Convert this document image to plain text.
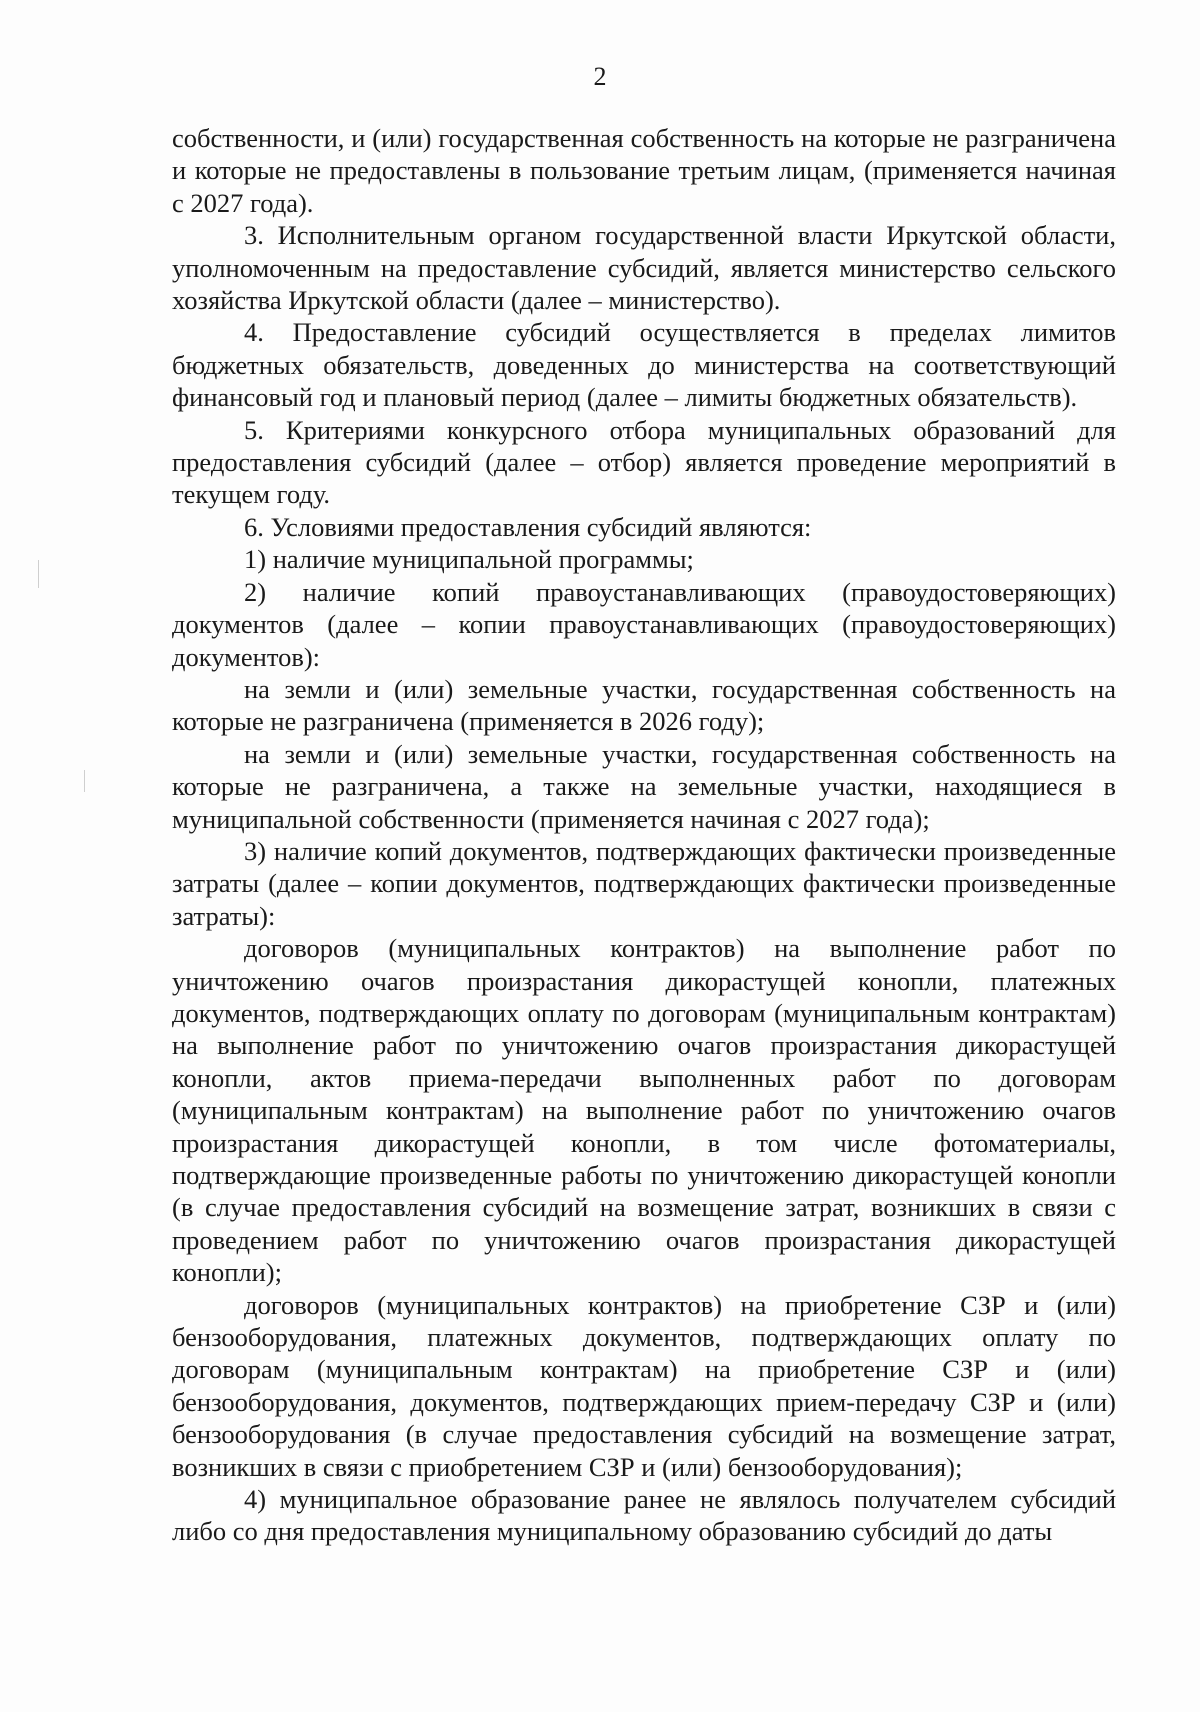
2

собственности, и (или) государственная собственность на которые не разграничена и которые не предоставлены в пользование третьим лицам, (применяется начиная с 2027 года).

3. Исполнительным органом государственной власти Иркутской области, уполномоченным на предоставление субсидий, является министерство сельского хозяйства Иркутской области (далее – министерство).

4. Предоставление субсидий осуществляется в пределах лимитов бюджетных обязательств, доведенных до министерства на соответствующий финансовый год и плановый период (далее – лимиты бюджетных обязательств).

5. Критериями конкурсного отбора муниципальных образований для предоставления субсидий (далее – отбор) является проведение мероприятий в текущем году.

6. Условиями предоставления субсидий являются:

1) наличие муниципальной программы;

2) наличие копий правоустанавливающих (правоудостоверяющих) документов (далее – копии правоустанавливающих (правоудостоверяющих) документов):

на земли и (или) земельные участки, государственная собственность на которые не разграничена (применяется в 2026 году);

на земли и (или) земельные участки, государственная собственность на которые не разграничена, а также на земельные участки, находящиеся в муниципальной собственности (применяется начиная с 2027 года);

3) наличие копий документов, подтверждающих фактически произведенные затраты (далее – копии документов, подтверждающих фактически произведенные затраты):

договоров (муниципальных контрактов) на выполнение работ по уничтожению очагов произрастания дикорастущей конопли, платежных документов, подтверждающих оплату по договорам (муниципальным контрактам) на выполнение работ по уничтожению очагов произрастания дикорастущей конопли, актов приема-передачи выполненных работ по договорам (муниципальным контрактам) на выполнение работ по уничтожению очагов произрастания дикорастущей конопли, в том числе фотоматериалы, подтверждающие произведенные работы по уничтожению дикорастущей конопли (в случае предоставления субсидий на возмещение затрат, возникших в связи с проведением работ по уничтожению очагов произрастания дикорастущей конопли);

договоров (муниципальных контрактов) на приобретение СЗР и (или) бензооборудования, платежных документов, подтверждающих оплату по договорам (муниципальным контрактам) на приобретение СЗР и (или) бензооборудования, документов, подтверждающих прием-передачу СЗР и (или) бензооборудования (в случае предоставления субсидий на возмещение затрат, возникших в связи с приобретением СЗР и (или) бензооборудования);

4) муниципальное образование ранее не являлось получателем субсидий либо со дня предоставления муниципальному образованию субсидий до даты
